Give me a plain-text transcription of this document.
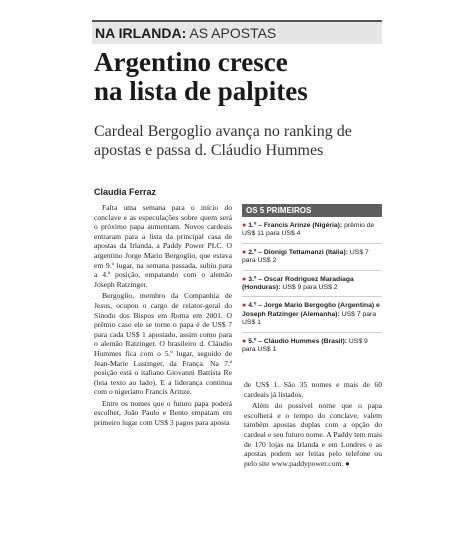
NA IRLANDA: AS APOSTAS
Argentino cresce
na lista de palpites
Cardeal Bergoglio avança no ranking de apostas e passa d. Cláudio Hummes
Claudia Ferraz

Falta uma semana para o início do conclave e as especulações sobre quem será o próximo papa aumentam. Novos cardeais entraram para a lista da principal casa de apostas da Irlanda, a Paddy Power PLC. O argentino Jorge Mario Bergoglio, que estava em 9.º lugar, na semana passada, subiu para a 4.ª posição, empatando com o alemão Joseph Ratzinger.

Bergoglio, membro da Companhia de Jesus, ocupou o cargo de relator-geral do Sínodo dos Bispos em Roma em 2001. O prêmio caso ele se torne o papa é de US$ 7 para cada US$ 1 apostado, assim como para o alemão Ratzinger. O brasileiro d. Cláudio Hummes fica com o 5.º lugar, seguido de Jean-Marie Lustinger, da França. Na 7.ª posição está o italiano Giovanni Battista Re (leia texto ao lado). E a liderança continua com o nigeriano Francis Arinze.

Entre os nomes que o futuro papa poderá escolher, João Paulo e Bento empatam em primeiro lugar com US$ 3 pagos para aposta

OS 5 PRIMEIROS
● 1.º – Francis Arinze (Nigéria): prêmio de US$ 11 para US$ 4
● 2.º – Dionigi Tettamanzi (Itália): US$ 7 para US$ 2
● 3.º – Oscar Rodriguez Maradiaga (Honduras): US$ 9 para US$ 2
● 4.º – Jorge Mario Bergoglio (Argentina) e Joseph Ratzinger (Alemanha): US$ 7 para US$ 1
● 5.º – Cláudio Hummes (Brasil): US$ 9 para US$ 1

de US$ 1. São 35 nomes e mais de 60 cardeais já listados.

Além do possível nome que o papa escolherá e o tempo do conclave, valem também apostas duplas com a opção do cardeal e seu futuro nome. A Paddy tem mais de 170 lojas na Irlanda e em Londres e as apostas podem ser feitas pelo telefone ou pelo site www.paddypower.com. ●
